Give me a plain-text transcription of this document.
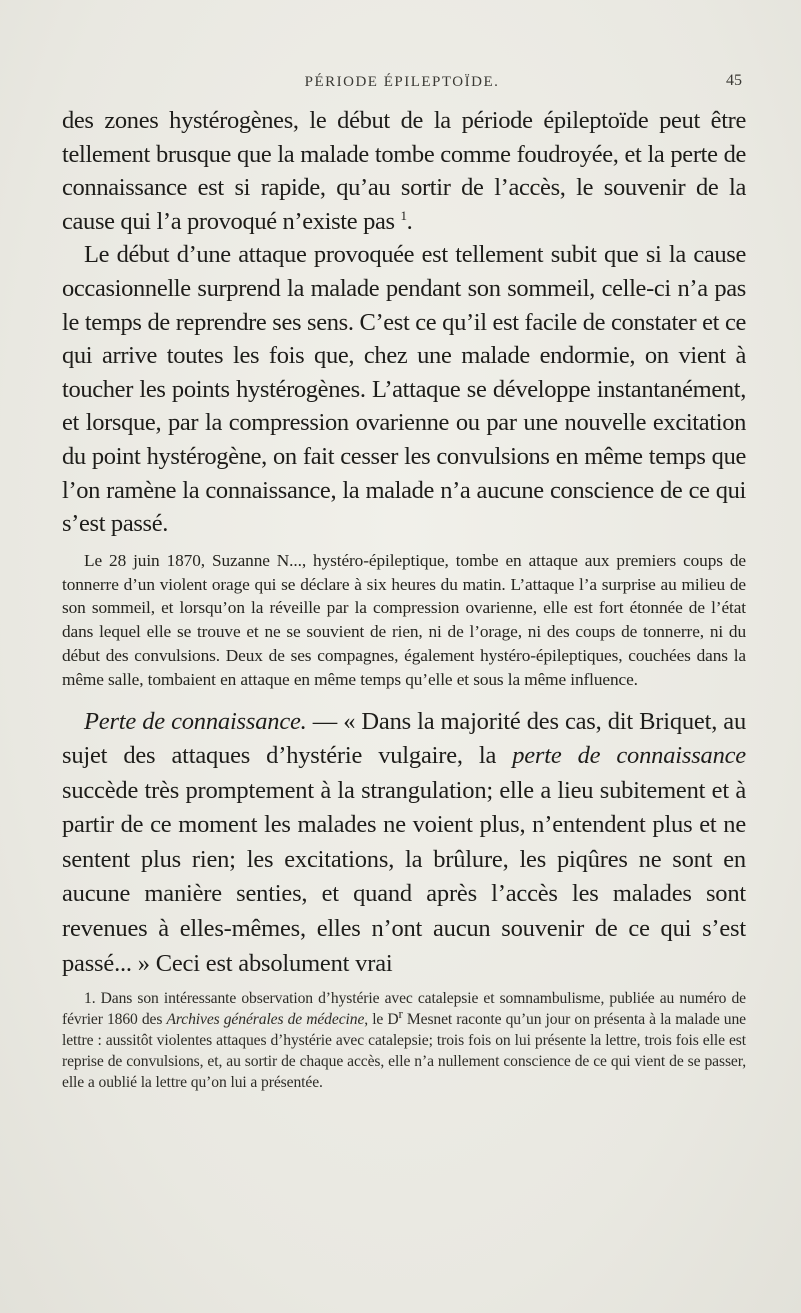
PÉRIODE ÉPILEPTOÏDE.	45

des zones hystérogènes, le début de la période épileptoïde peut être tellement brusque que la malade tombe comme foudroyée, et la perte de connaissance est si rapide, qu’au sortir de l’accès, le souvenir de la cause qui l’a provoqué n’existe pas $^1$.

Le début d’une attaque provoquée est tellement subit que si la cause occasionnelle surprend la malade pendant son sommeil, celle-ci n’a pas le temps de reprendre ses sens. C’est ce qu’il est facile de constater et ce qui arrive toutes les fois que, chez une malade endormie, on vient à toucher les points hystérogènes. L’attaque se développe instantanément, et lorsque, par la compression ovarienne ou par une nouvelle excitation du point hystérogène, on fait cesser les convulsions en même temps que l’on ramène la connaissance, la malade n’a aucune conscience de ce qui s’est passé.

Le 28 juin 1870, Suzanne N..., hystéro-épileptique, tombe en attaque aux premiers coups de tonnerre d’un violent orage qui se déclare à six heures du matin. L’attaque l’a surprise au milieu de son sommeil, et lorsqu’on la réveille par la compression ovarienne, elle est fort étonnée de l’état dans lequel elle se trouve et ne se souvient de rien, ni de l’orage, ni des coups de tonnerre, ni du début des convulsions. Deux de ses compagnes, également hystéro-épileptiques, couchées dans la même salle, tombaient en attaque en même temps qu’elle et sous la même influence.

Perte de connaissance. — « Dans la majorité des cas, dit Briquet, au sujet des attaques d’hystérie vulgaire, la perte de connaissance succède très promptement à la strangulation; elle a lieu subitement et à partir de ce moment les malades ne voient plus, n’entendent plus et ne sentent plus rien; les excitations, la brûlure, les piqûres ne sont en aucune manière senties, et quand après l’accès les malades sont revenues à elles-mêmes, elles n’ont aucun souvenir de ce qui s’est passé... » Ceci est absolument vrai

1. Dans son intéressante observation d’hystérie avec catalepsie et somnambulisme, publiée au numéro de février 1860 des Archives générales de médecine, le $D^r$ Mesnet raconte qu’un jour on présenta à la malade une lettre : aussitôt violentes attaques d’hystérie avec catalepsie; trois fois on lui présente la lettre, trois fois elle est reprise de convulsions, et, au sortir de chaque accès, elle n’a nullement conscience de ce qui vient de se passer, elle a oublié la lettre qu’on lui a présentée.
